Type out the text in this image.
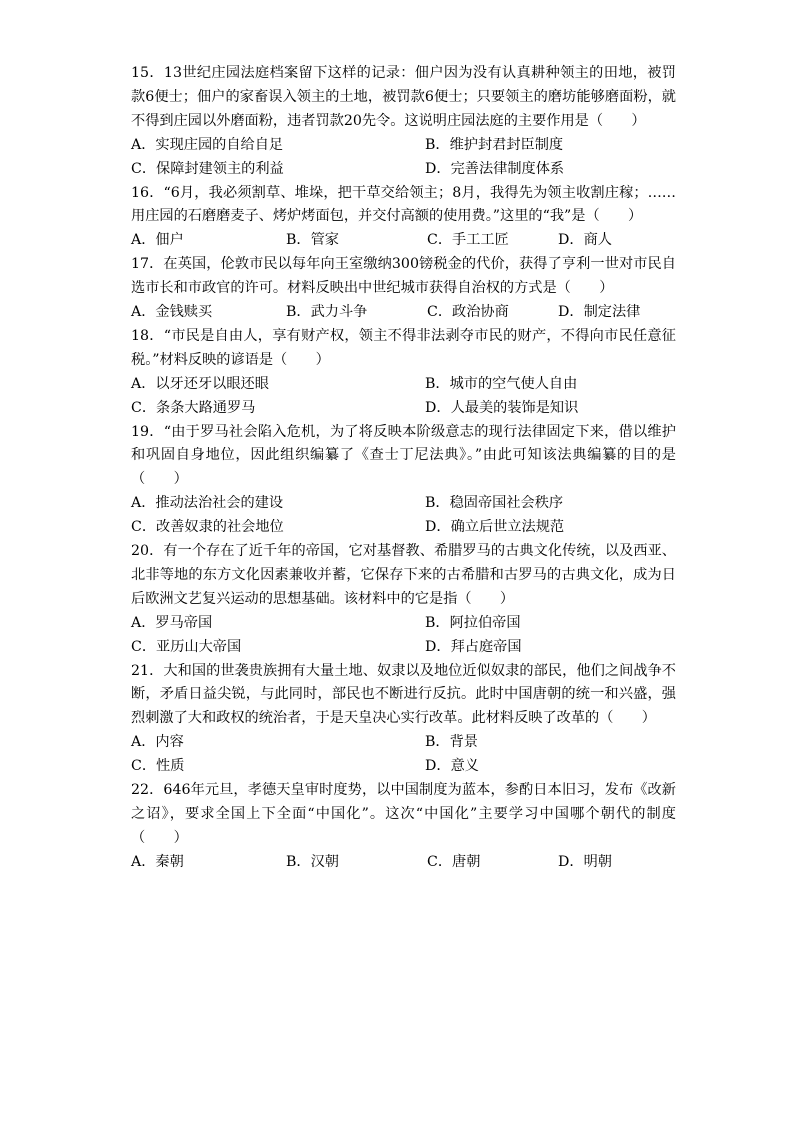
15．13世纪庄园法庭档案留下这样的记录：佃户因为没有认真耕种领主的田地，被罚款6便士；佃户的家畜误入领主的土地，被罚款6便士；只要领主的磨坊能够磨面粉，就不得到庄园以外磨面粉，违者罚款20先令。这说明庄园法庭的主要作用是（　　）

A．实现庄园的自给自足	B．维护封君封臣制度
C．保障封建领主的利益	D．完善法律制度体系

16．“6月，我必须割草、堆垛，把干草交给领主；8月，我得先为领主收割庄稼；……用庄园的石磨磨麦子、烤炉烤面包，并交付高额的使用费。”这里的“我”是（　　）

A．佃户	B．管家	C．手工工匠	D．商人

17．在英国，伦敦市民以每年向王室缴纳300镑税金的代价，获得了亨利一世对市民自选市长和市政官的许可。材料反映出中世纪城市获得自治权的方式是（　　）

A．金钱赎买	B．武力斗争	C．政治协商	D．制定法律

18．“市民是自由人，享有财产权，领主不得非法剥夺市民的财产，不得向市民任意征税。”材料反映的谚语是（　　）

A．以牙还牙以眼还眼	B．城市的空气使人自由
C．条条大路通罗马	D．人最美的装饰是知识

19．“由于罗马社会陷入危机，为了将反映本阶级意志的现行法律固定下来，借以维护和巩固自身地位，因此组织编纂了《查士丁尼法典》。”由此可知该法典编纂的目的是（　　）

A．推动法治社会的建设	B．稳固帝国社会秩序
C．改善奴隶的社会地位	D．确立后世立法规范

20．有一个存在了近千年的帝国，它对基督教、希腊罗马的古典文化传统，以及西亚、北非等地的东方文化因素兼收并蓄，它保存下来的古希腊和古罗马的古典文化，成为日后欧洲文艺复兴运动的思想基础。该材料中的它是指（　　）

A．罗马帝国	B．阿拉伯帝国
C．亚历山大帝国	D．拜占庭帝国

21．大和国的世袭贵族拥有大量土地、奴隶以及地位近似奴隶的部民，他们之间战争不断，矛盾日益尖锐，与此同时，部民也不断进行反抗。此时中国唐朝的统一和兴盛，强烈刺激了大和政权的统治者，于是天皇决心实行改革。此材料反映了改革的（　　）

A．内容	B．背景
C．性质	D．意义

22．646年元旦，孝德天皇审时度势，以中国制度为蓝本，参酌日本旧习，发布《改新之诏》，要求全国上下全面“中国化”。这次“中国化”主要学习中国哪个朝代的制度（　　）

A．秦朝	B．汉朝	C．唐朝	D．明朝
